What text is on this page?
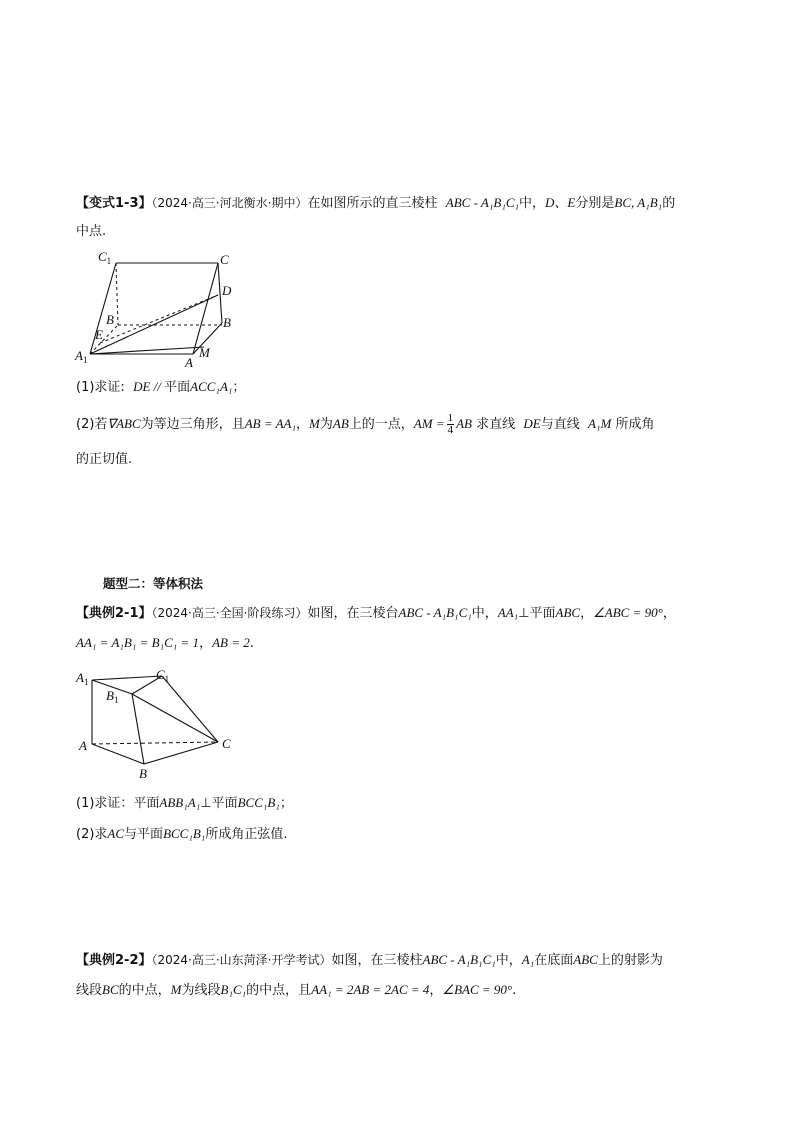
【变式1-3】（2024·高三·河北衡水·期中）在如图所示的直三棱柱 ABC - A₁B₁C₁中，D、E分别是BC, A₁B₁的
中点.
$C_1$	C
D
B	B
E
$A_1$	A
M
(1)求证: DE // 平面ACC₁A₁；
(2)若∇ABC为等边三角形，且AB = AA₁，M为AB上的一点，AM = $\frac{1}{4}$ AB 求直线 DE与直线 A₁M 所成角
的正切值.
题型二：等体积法
【典例2-1】（2024·高三·全国·阶段练习）如图，在三棱台ABC - A₁B₁C₁中，AA₁⊥平面ABC，∠ABC = 90°，
AA₁ = A₁B₁ = B₁C₁ = 1，AB = 2.
$A_1$	$C_1$
$B_1$
A	C
B
(1)求证：平面ABB₁A₁⊥平面BCC₁B₁；
(2)求AC与平面BCC₁B₁所成角正弦值.
【典例2-2】（2024·高三·山东菏泽·开学考试）如图，在三棱柱ABC - A₁B₁C₁中，A₁在底面ABC上的射影为
线段BC的中点，M为线段B₁C₁的中点，且AA₁ = 2AB = 2AC = 4，∠BAC = 90°.
